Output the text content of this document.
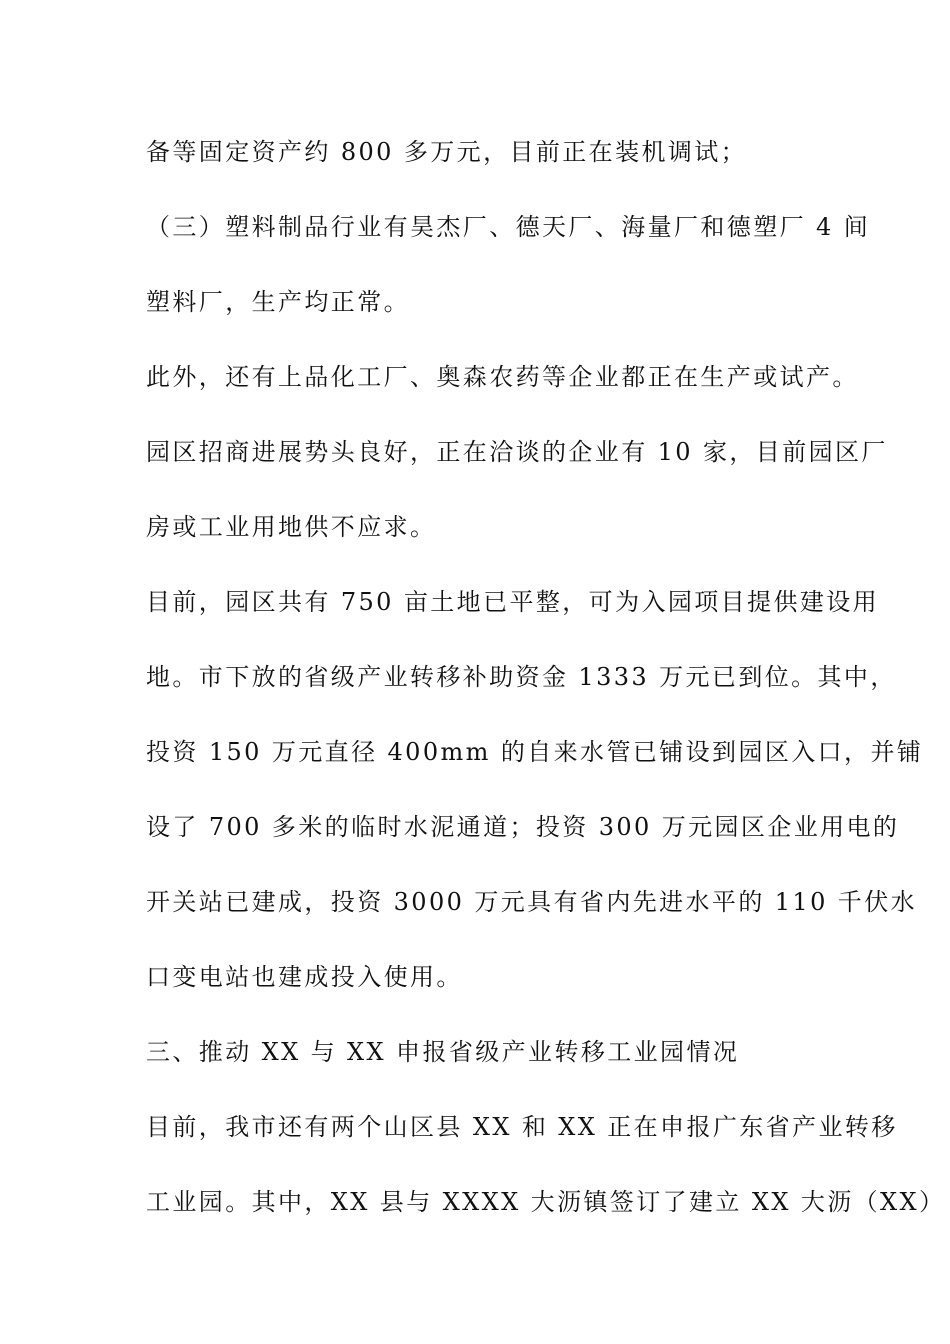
备等固定资产约 800 多万元，目前正在装机调试；
（三）塑料制品行业有昊杰厂、德天厂、海量厂和德塑厂 4 间
塑料厂，生产均正常。
此外，还有上品化工厂、奥森农药等企业都正在生产或试产。
园区招商进展势头良好，正在洽谈的企业有 10 家，目前园区厂
房或工业用地供不应求。
目前，园区共有 750 亩土地已平整，可为入园项目提供建设用
地。市下放的省级产业转移补助资金 1333 万元已到位。其中，
投资 150 万元直径 400mm 的自来水管已铺设到园区入口，并铺
设了 700 多米的临时水泥通道；投资 300 万元园区企业用电的
开关站已建成，投资 3000 万元具有省内先进水平的 110 千伏水
口变电站也建成投入使用。
三、推动 XX 与 XX 申报省级产业转移工业园情况
目前，我市还有两个山区县 XX 和 XX 正在申报广东省产业转移
工业园。其中，XX 县与 XXXX 大沥镇签订了建立 XX 大沥（XX）
